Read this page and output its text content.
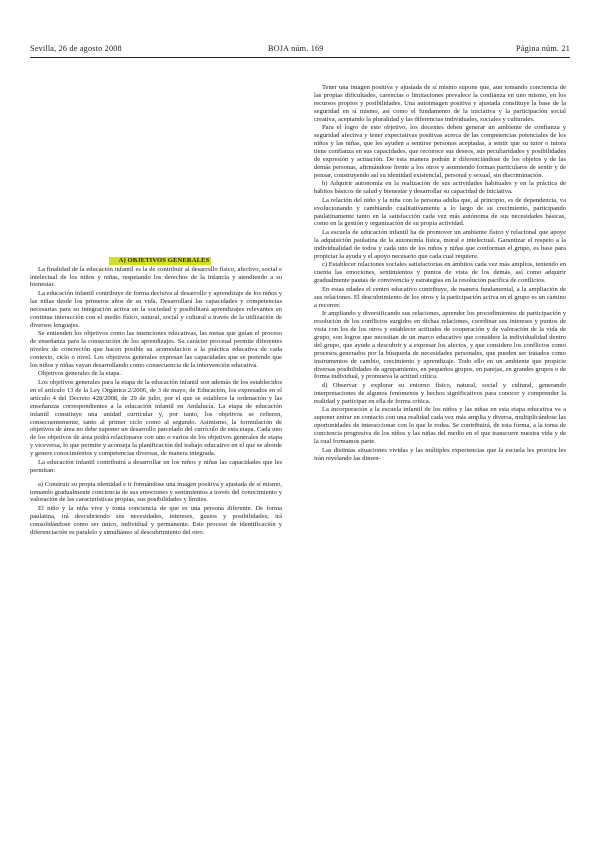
Sevilla, 26 de agosto 2008	BOJA núm. 169	Página núm. 21

A) OBJETIVOS GENERALES

La finalidad de la educación infantil es la de contribuir al desarrollo físico, afectivo, social e intelectual de los niños y niñas, respetando los derechos de la infancia y atendiendo a su bienestar.

La educación infantil contribuye de forma decisiva al desarrollo y aprendizaje de los niños y las niñas desde los primeros años de su vida. Desarrollará las capacidades y competencias necesarias para su integración activa en la sociedad y posibilitará aprendizajes relevantes en continua interacción con el medio físico, natural, social y cultural a través de la utilización de diversos lenguajes.

Se entienden los objetivos como las intenciones educativas, las metas que guían el proceso de enseñanza para la consecución de los aprendizajes. Su carácter procesal permite diferentes niveles de concreción que hacen posible su acomodación a la práctica educativa de cada contexto, ciclo o nivel. Los objetivos generales expresan las capacidades que se pretende que los niños y niñas vayan desarrollando como consecuencia de la intervención educativa.

Objetivos generales de la etapa.

Los objetivos generales para la etapa de la educación infantil son además de los establecidos en el artículo 13 de la Ley Orgánica 2/2006, de 3 de mayo, de Educación, los expresados en el artículo 4 del Decreto 428/2008, de 29 de julio, por el que se establece la ordenación y las enseñanzas correspondientes a la educación infantil en Andalucía. La etapa de educación infantil constituye una unidad curricular y, por tanto, los objetivos se refieren, consecuentemente, tanto al primer ciclo como al segundo. Asimismo, la formulación de objetivos de área no debe suponer un desarrollo parcelado del currículo de esta etapa. Cada uno de los objetivos de área podrá relacionarse con uno o varios de los objetivos generales de etapa y viceversa, lo que permite y aconseja la planificación del trabajo educativo en el que se aborde y genere conocimientos y competencias diversas, de manera integrada.

La educación infantil contribuirá a desarrollar en los niños y niñas las capacidades que les permitan:

a) Construir su propia identidad e ir formándose una imagen positiva y ajustada de sí mismo, tomando gradualmente conciencia de sus emociones y sentimientos a través del conocimiento y valoración de las características propias, sus posibilidades y límites.

El niño y la niña vive y toma conciencia de que es una persona diferente. De forma paulatina, irá descubriendo sus necesidades, intereses, gustos y posibilidades; irá consolidándose como ser único, individual y permanente. Este proceso de identificación y diferenciación es paralelo y simultáneo al descubrimiento del otro.

Tener una imagen positiva y ajustada de sí mismo supone que, aun tomando conciencia de las propias dificultades, carencias o limitaciones prevalece la confianza en uno mismo, en los recursos propios y posibilidades. Una autoimagen positiva y ajustada constituye la base de la seguridad en sí mismo, así como el fundamento de la iniciativa y la participación social creativa, aceptando la pluralidad y las diferencias individuales, sociales y culturales.

Para el logro de este objetivo, los docentes deben generar un ambiente de confianza y seguridad afectiva y tener expectativas positivas acerca de las competencias potenciales de los niños y las niñas, que les ayuden a sentirse personas aceptadas, a sentir que su tutor o tutora tiene confianza en sus capacidades, que reconoce sus deseos, sus peculiaridades y posibilidades de expresión y actuación. De esta manera podrán ir diferenciándose de los objetos y de las demás personas, afirmándose frente a los otros y asumiendo formas particulares de sentir y de pensar, construyendo así su identidad existencial, personal y sexual, sin discriminación.

b) Adquirir autonomía en la realización de sus actividades habituales y en la práctica de hábitos básicos de salud y bienestar y desarrollar su capacidad de iniciativa.

La relación del niño y la niña con la persona adulta que, al principio, es de dependencia, va evolucionando y cambiando cualitativamente a lo largo de su crecimiento, participando paulatinamente tanto en la satisfacción cada vez más autónoma de sus necesidades básicas, como en la gestión y organización de su propia actividad.

La escuela de educación infantil ha de promover un ambiente físico y relacional que apoye la adquisición paulatina de la autonomía física, moral e intelectual. Garantizar el respeto a la individualidad de todos y cada uno de los niños y niñas que conforman el grupo, es base para propiciar la ayuda y el apoyo necesario que cada cual requiere.

c) Establecer relaciones sociales satisfactorias en ámbitos cada vez más amplios, teniendo en cuenta las emociones, sentimientos y puntos de vista de los demás, así como adquirir gradualmente pautas de convivencia y estrategias en la resolución pacífica de conflictos.

En estas edades el centro educativo contribuye, de manera fundamental, a la ampliación de sus relaciones. El descubrimiento de los otros y la participación activa en el grupo es un camino a recorrer.

Ir ampliando y diversificando sus relaciones, aprender los procedimientos de participación y resolución de los conflictos surgidos en dichas relaciones, coordinar sus intereses y puntos de vista con los de los otros y establecer actitudes de cooperación y de valoración de la vida de grupo, son logros que necesitan de un marco educativo que considere la individualidad dentro del grupo, que ayude a descubrir y a expresar los afectos, y que considere los conflictos como procesos generados por la búsqueda de necesidades personales, que pueden ser tratados como instrumentos de cambio, crecimiento y aprendizaje. Todo ello en un ambiente que propicie diversas posibilidades de agrupamiento, en pequeños grupos, en parejas, en grandes grupos o de forma individual, y promueva la actitud crítica.

d) Observar y explorar su entorno físico, natural, social y cultural, generando interpretaciones de algunos fenómenos y hechos significativos para conocer y comprender la realidad y participar en ella de forma crítica.

La incorporación a la escuela infantil de los niños y las niñas en esta etapa educativa va a suponer entrar en contacto con una realidad cada vez más amplia y diversa, multiplicándose las oportunidades de interaccionar con lo que le rodea. Se contribuirá, de esta forma, a la toma de conciencia progresiva de los niños y las niñas del medio en el que transcurre nuestra vida y de la cual formamos parte.

Las distintas situaciones vividas y las múltiples experiencias que la escuela les procura les irán revelando las dimen-
